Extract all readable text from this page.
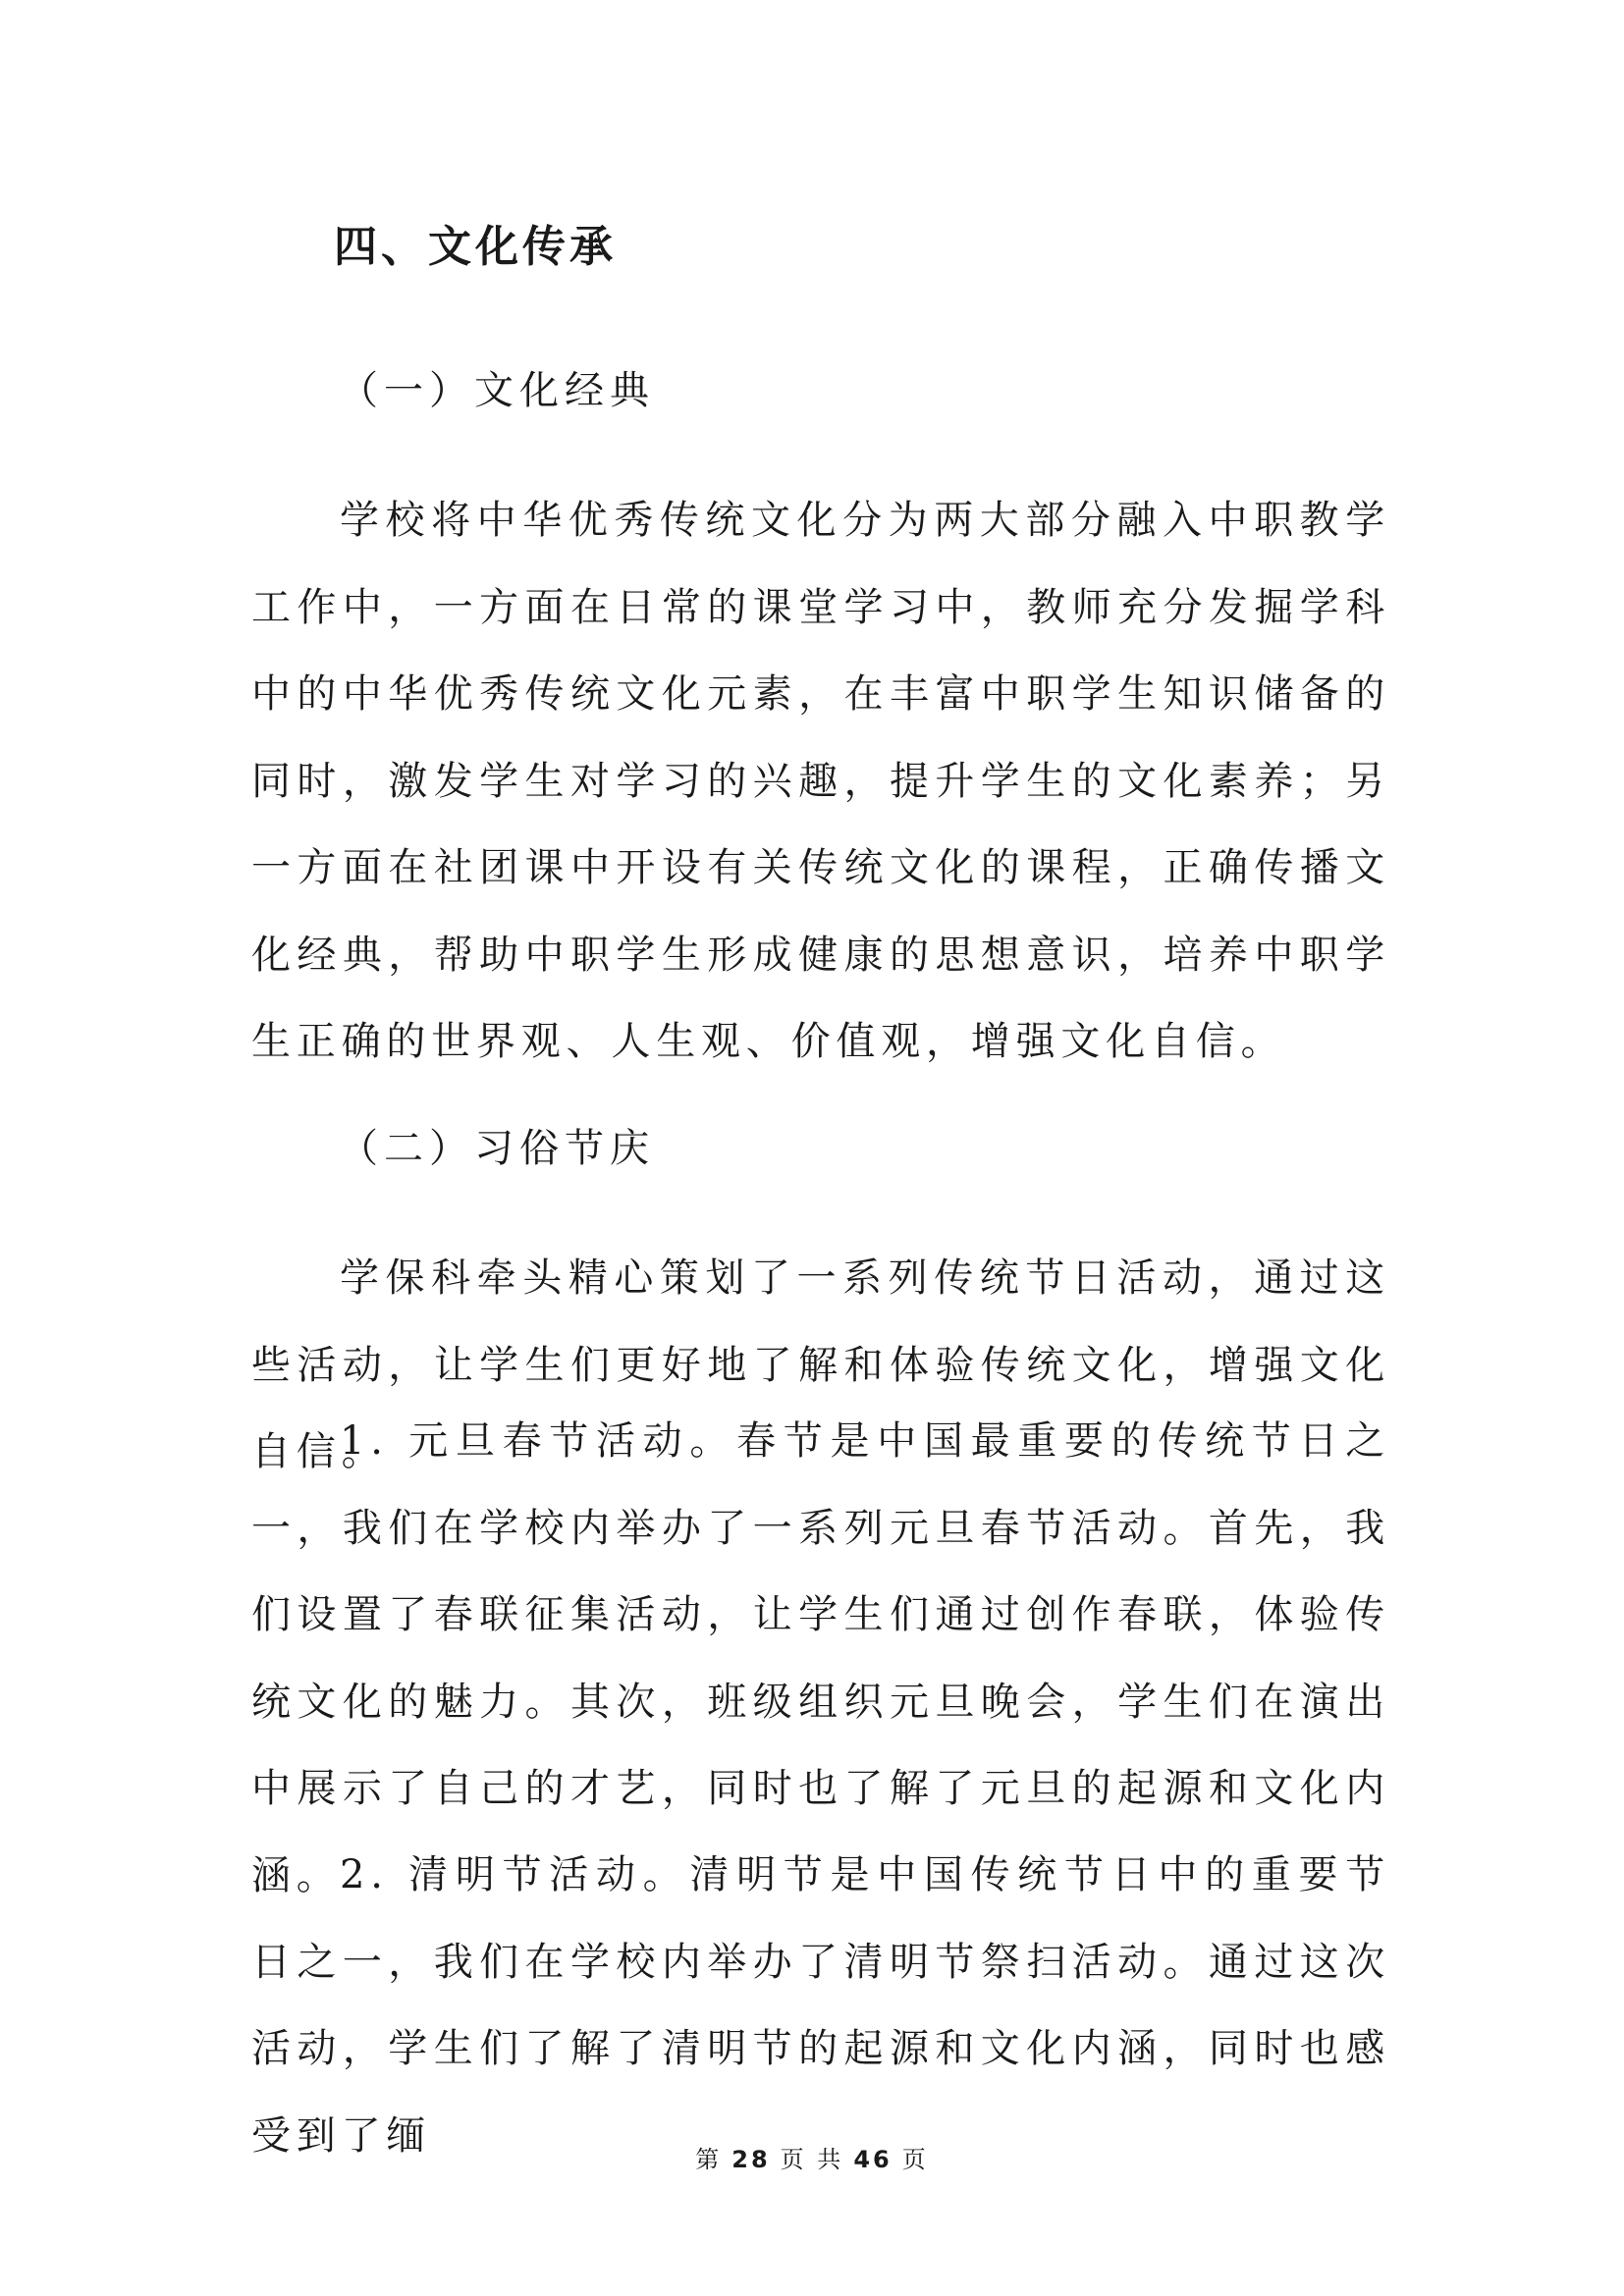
四、文化传承
（一）文化经典

学校将中华优秀传统文化分为两大部分融入中职教学工作中，一方面在日常的课堂学习中，教师充分发掘学科中的中华优秀传统文化元素，在丰富中职学生知识储备的同时，激发学生对学习的兴趣，提升学生的文化素养；另一方面在社团课中开设有关传统文化的课程，正确传播文化经典，帮助中职学生形成健康的思想意识，培养中职学生正确的世界观、人生观、价值观，增强文化自信。

（二）习俗节庆

学保科牵头精心策划了一系列传统节日活动，通过这些活动，让学生们更好地了解和体验传统文化，增强文化自信。

1. 元旦春节活动。春节是中国最重要的传统节日之一，我们在学校内举办了一系列元旦春节活动。首先，我们设置了春联征集活动，让学生们通过创作春联，体验传统文化的魅力。其次，班级组织元旦晚会，学生们在演出中展示了自己的才艺，同时也了解了元旦的起源和文化内涵。

2. 清明节活动。清明节是中国传统节日中的重要节日之一，我们在学校内举办了清明节祭扫活动。通过这次活动，学生们了解了清明节的起源和文化内涵，同时也感受到了缅

第 28 页 共 46 页
